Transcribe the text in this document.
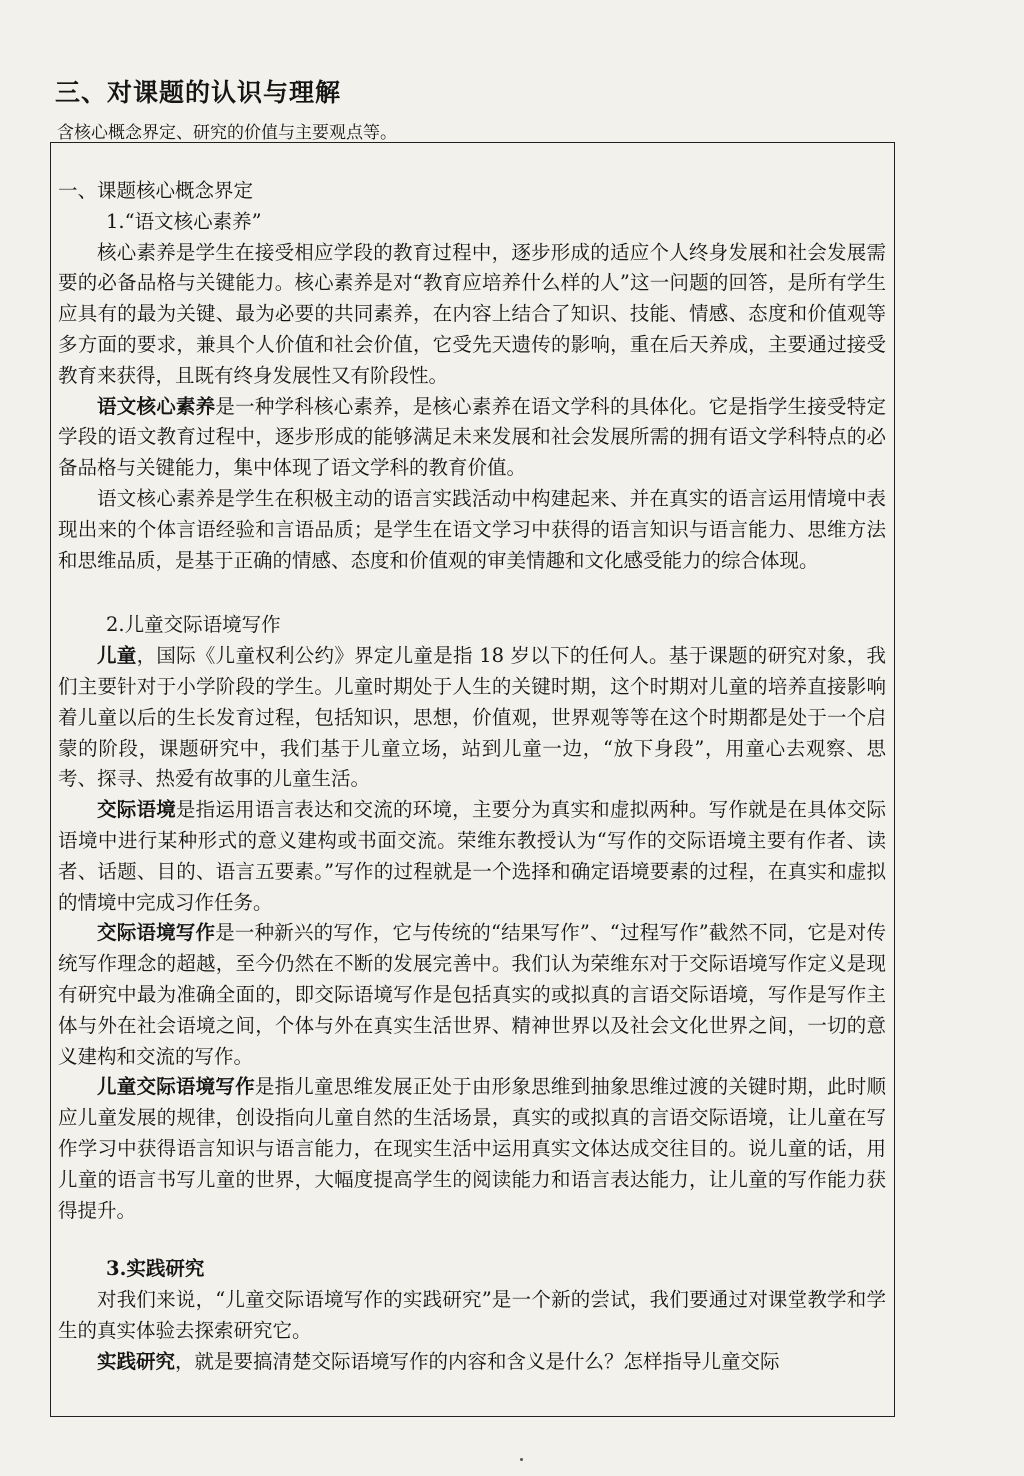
三、对课题的认识与理解
含核心概念界定、研究的价值与主要观点等。

一、课题核心概念界定

1.“语文核心素养”

核心素养是学生在接受相应学段的教育过程中，逐步形成的适应个人终身发展和社会发展需要的必备品格与关键能力。核心素养是对“教育应培养什么样的人”这一问题的回答，是所有学生应具有的最为关键、最为必要的共同素养，在内容上结合了知识、技能、情感、态度和价值观等多方面的要求，兼具个人价值和社会价值，它受先天遗传的影响，重在后天养成，主要通过接受教育来获得，且既有终身发展性又有阶段性。

语文核心素养是一种学科核心素养，是核心素养在语文学科的具体化。它是指学生接受特定学段的语文教育过程中，逐步形成的能够满足未来发展和社会发展所需的拥有语文学科特点的必备品格与关键能力，集中体现了语文学科的教育价值。

语文核心素养是学生在积极主动的语言实践活动中构建起来、并在真实的语言运用情境中表现出来的个体言语经验和言语品质；是学生在语文学习中获得的语言知识与语言能力、思维方法和思维品质，是基于正确的情感、态度和价值观的审美情趣和文化感受能力的综合体现。

2.儿童交际语境写作

儿童，国际《儿童权利公约》界定儿童是指 18 岁以下的任何人。基于课题的研究对象，我们主要针对于小学阶段的学生。儿童时期处于人生的关键时期，这个时期对儿童的培养直接影响着儿童以后的生长发育过程，包括知识，思想，价值观，世界观等等在这个时期都是处于一个启蒙的阶段，课题研究中，我们基于儿童立场，站到儿童一边，“放下身段”，用童心去观察、思考、探寻、热爱有故事的儿童生活。

交际语境是指运用语言表达和交流的环境，主要分为真实和虚拟两种。写作就是在具体交际语境中进行某种形式的意义建构或书面交流。荣维东教授认为“写作的交际语境主要有作者、读者、话题、目的、语言五要素。”写作的过程就是一个选择和确定语境要素的过程，在真实和虚拟的情境中完成习作任务。

交际语境写作是一种新兴的写作，它与传统的“结果写作”、“过程写作”截然不同，它是对传统写作理念的超越，至今仍然在不断的发展完善中。我们认为荣维东对于交际语境写作定义是现有研究中最为准确全面的，即交际语境写作是包括真实的或拟真的言语交际语境，写作是写作主体与外在社会语境之间，个体与外在真实生活世界、精神世界以及社会文化世界之间，一切的意义建构和交流的写作。

儿童交际语境写作是指儿童思维发展正处于由形象思维到抽象思维过渡的关键时期，此时顺应儿童发展的规律，创设指向儿童自然的生活场景，真实的或拟真的言语交际语境，让儿童在写作学习中获得语言知识与语言能力，在现实生活中运用真实文体达成交往目的。说儿童的话，用儿童的语言书写儿童的世界，大幅度提高学生的阅读能力和语言表达能力，让儿童的写作能力获得提升。

3.实践研究

对我们来说，“儿童交际语境写作的实践研究”是一个新的尝试，我们要通过对课堂教学和学生的真实体验去探索研究它。

实践研究，就是要搞清楚交际语境写作的内容和含义是什么？怎样指导儿童交际
